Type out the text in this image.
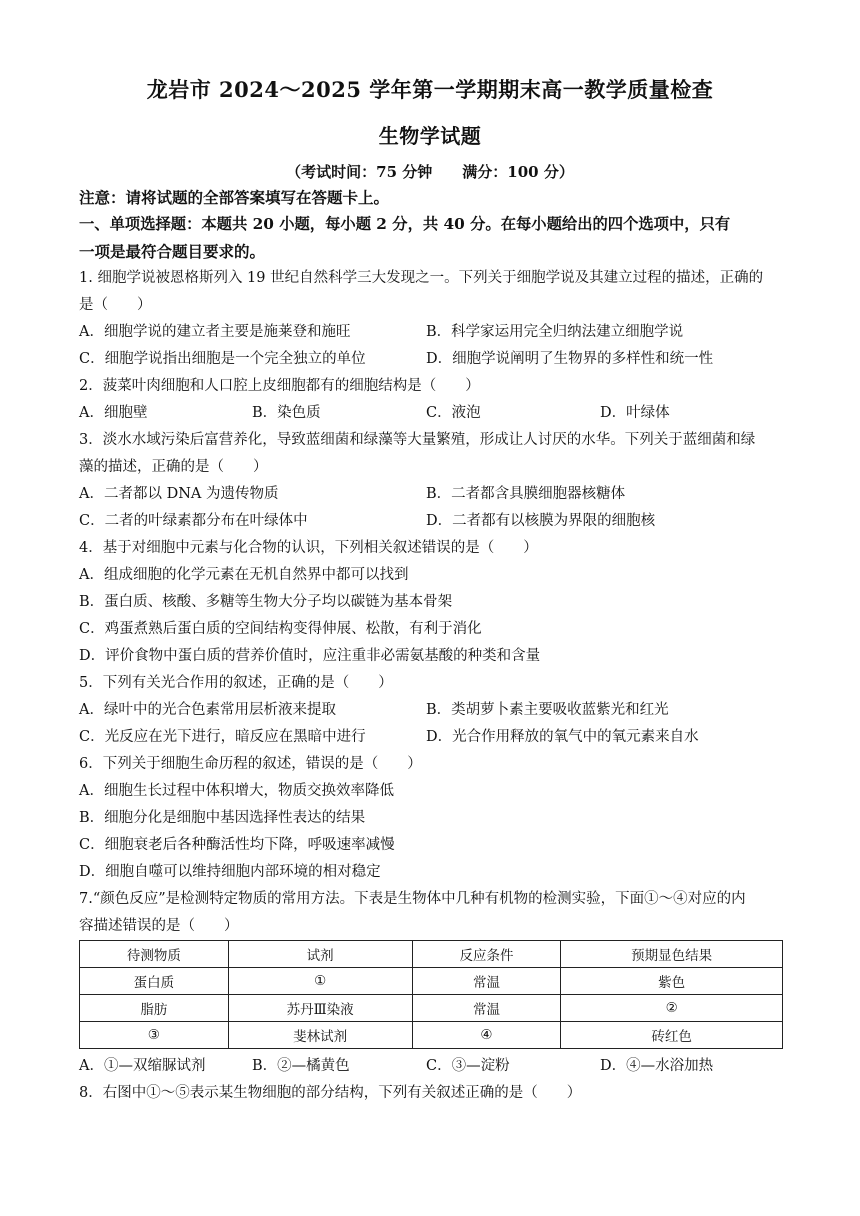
龙岩市 2024～2025 学年第一学期期末高一教学质量检查
生物学试题
（考试时间：75 分钟 满分：100 分）
注意：请将试题的全部答案填写在答题卡上。
一、单项选择题：本题共 20 小题，每小题 2 分，共 40 分。在每小题给出的四个选项中，只有
一项是最符合题目要求的。
1. 细胞学说被恩格斯列入 19 世纪自然科学三大发现之一。下列关于细胞学说及其建立过程的描述，正确的
是（　　）
A．细胞学说的建立者主要是施莱登和施旺	B．科学家运用完全归纳法建立细胞学说
C．细胞学说指出细胞是一个完全独立的单位	D．细胞学说阐明了生物界的多样性和统一性
2．菠菜叶肉细胞和人口腔上皮细胞都有的细胞结构是（　　）
A．细胞壁	B．染色质	C．液泡	D．叶绿体
3．淡水水域污染后富营养化，导致蓝细菌和绿藻等大量繁殖，形成让人讨厌的水华。下列关于蓝细菌和绿
藻的描述，正确的是（　　）
A．二者都以 DNA 为遗传物质	B．二者都含具膜细胞器核糖体
C．二者的叶绿素都分布在叶绿体中	D．二者都有以核膜为界限的细胞核
4．基于对细胞中元素与化合物的认识，下列相关叙述错误的是（　　）
A．组成细胞的化学元素在无机自然界中都可以找到
B．蛋白质、核酸、多糖等生物大分子均以碳链为基本骨架
C．鸡蛋煮熟后蛋白质的空间结构变得伸展、松散，有利于消化
D．评价食物中蛋白质的营养价值时，应注重非必需氨基酸的种类和含量
5．下列有关光合作用的叙述，正确的是（　　）
A．绿叶中的光合色素常用层析液来提取	B．类胡萝卜素主要吸收蓝紫光和红光
C．光反应在光下进行，暗反应在黑暗中进行	D．光合作用释放的氧气中的氧元素来自水
6．下列关于细胞生命历程的叙述，错误的是（　　）
A．细胞生长过程中体积增大，物质交换效率降低
B．细胞分化是细胞中基因选择性表达的结果
C．细胞衰老后各种酶活性均下降，呼吸速率减慢
D．细胞自噬可以维持细胞内部环境的相对稳定
7.“颜色反应”是检测特定物质的常用方法。下表是生物体中几种有机物的检测实验，下面①～④对应的内
容描述错误的是（　　）
待测物质	试剂	反应条件	预期显色结果
蛋白质	①	常温	紫色
脂肪	苏丹Ⅲ染液	常温	②
③	斐林试剂	④	砖红色
A．①—双缩脲试剂	B．②—橘黄色	C．③—淀粉	D．④—水浴加热
8．右图中①～⑤表示某生物细胞的部分结构，下列有关叙述正确的是（　　）
